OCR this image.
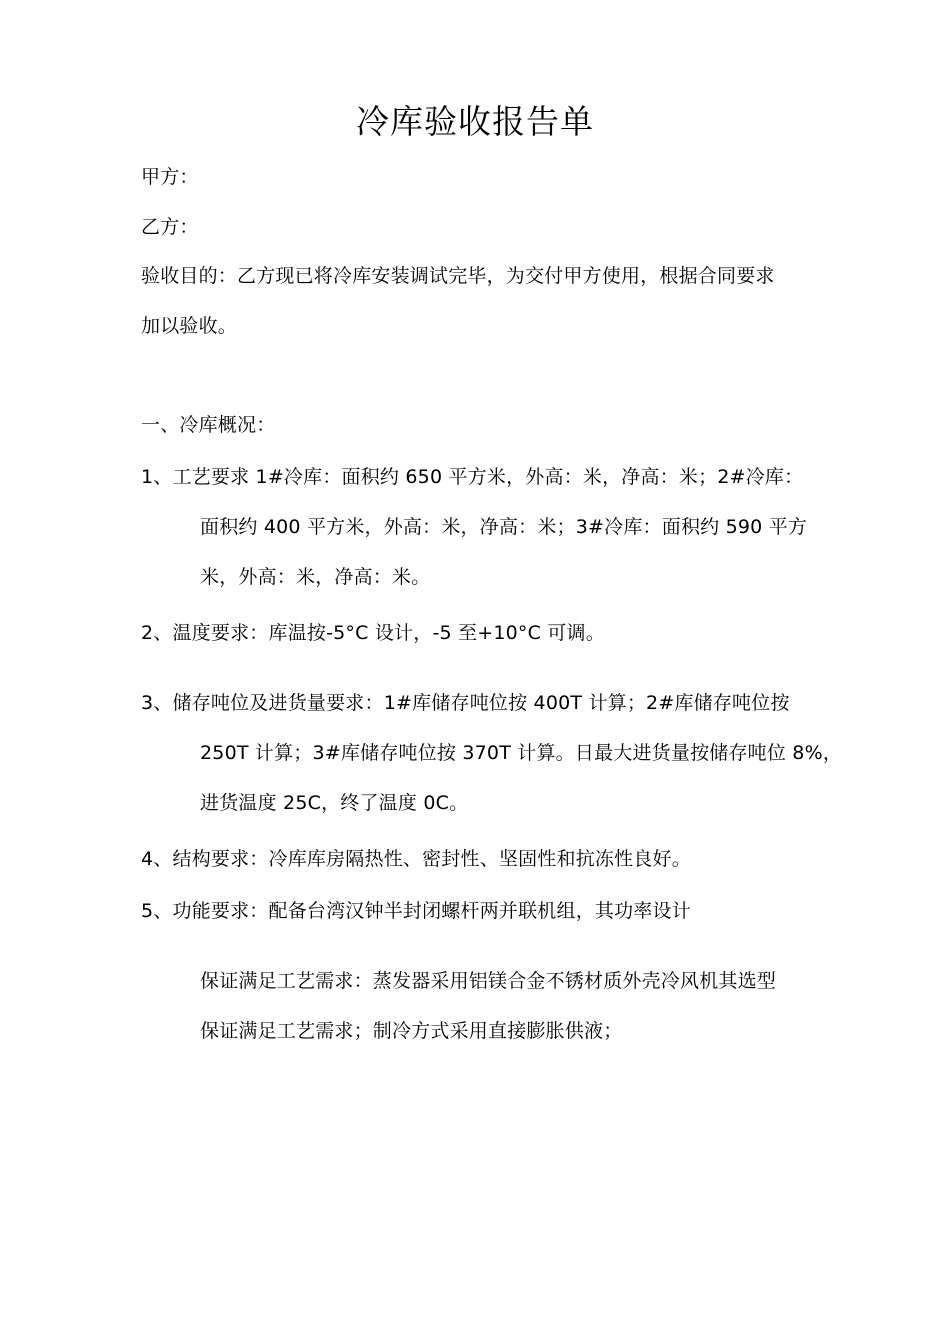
冷库验收报告单
甲方：
乙方：
验收目的：乙方现已将冷库安装调试完毕，为交付甲方使用，根据合同要求
加以验收。
一、冷库概况：
1、工艺要求 1#冷库：面积约 650 平方米，外高：米，净高：米；2#冷库：
面积约 400 平方米，外高：米，净高：米；3#冷库：面积约 590 平方
米，外高：米，净高：米。
2、温度要求：库温按-5°C 设计，-5 至+10°C 可调。
3、储存吨位及进货量要求：1#库储存吨位按 400T 计算；2#库储存吨位按
250T 计算；3#库储存吨位按 370T 计算。日最大进货量按储存吨位 8%，
进货温度 25C，终了温度 0C。
4、结构要求：冷库库房隔热性、密封性、坚固性和抗冻性良好。
5、功能要求：配备台湾汉钟半封闭螺杆两并联机组，其功率设计
保证满足工艺需求：蒸发器采用铝镁合金不锈材质外壳冷风机其选型
保证满足工艺需求；制冷方式采用直接膨胀供液；
